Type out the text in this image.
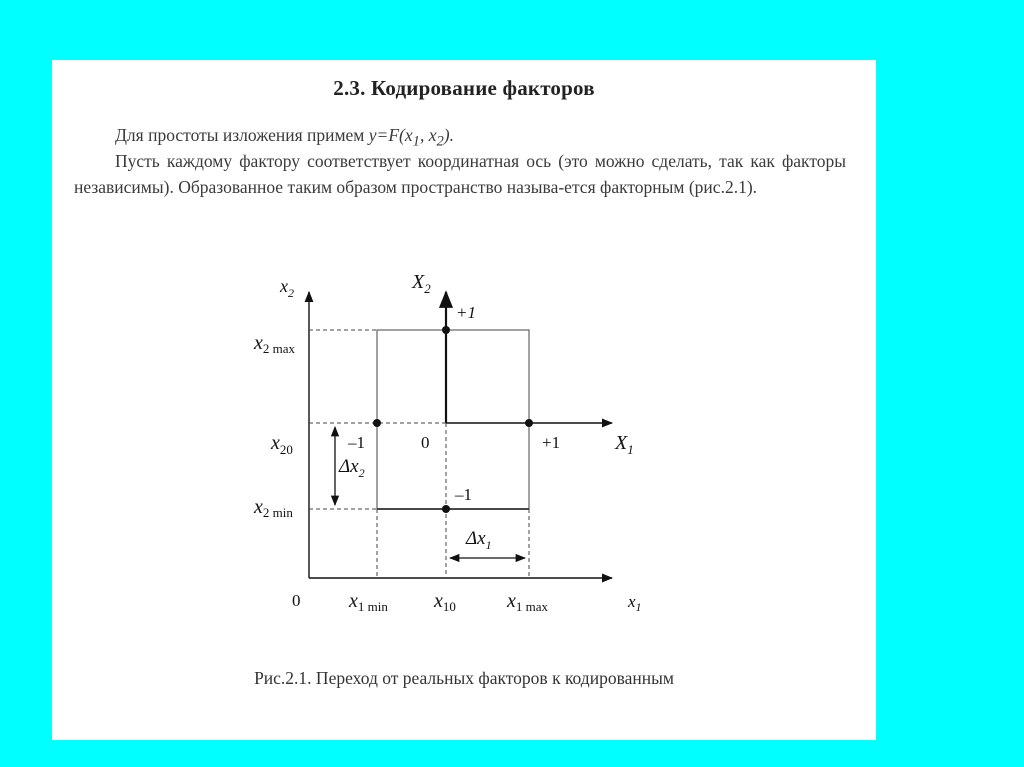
2.3. Кодирование факторов
Для простоты изложения примем $y=F(x_1$, $x_2$).
Пусть каждому фактору соответствует координатная ось (это можно сделать, так как факторы независимы). Образованное таким образом пространство называ-ется факторным (рис.2.1).
$x_2$	$X_2$
$X_1$
$x_1$
$x_{2 max}$
$x_{20}$
$x_{2 min}$
0 $x_{1 min}$ $x_{10}$	$x_{1 max}$
0
+1
–1	+1
–1
$\Delta x_2$
$\Delta x_1$
Рис.2.1. Переход от реальных факторов к кодированным
